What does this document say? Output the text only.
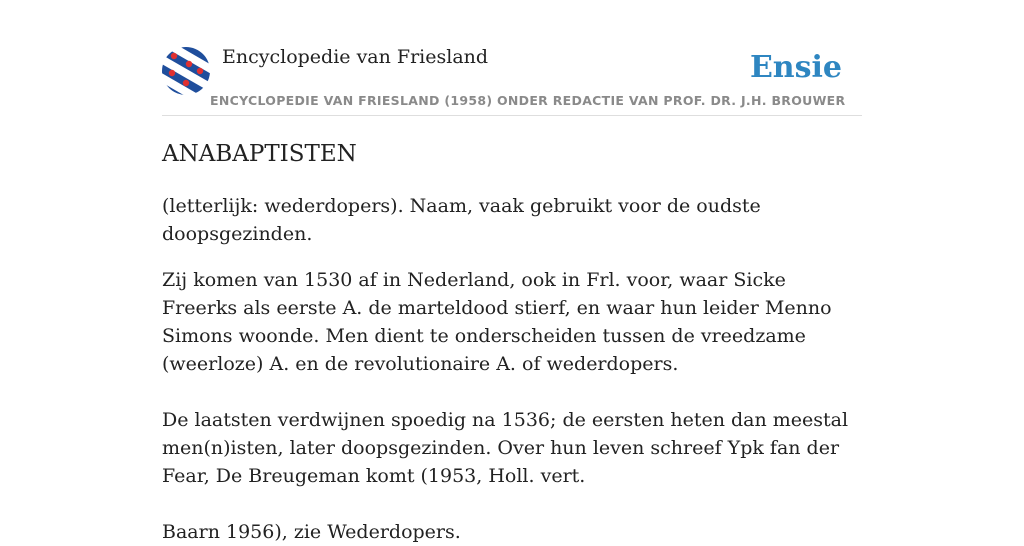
Encyclopedie van Friesland
ENCYCLOPEDIE VAN FRIESLAND (1958) ONDER REDACTIE VAN PROF. DR. J.H. BROUWER
Ensie
ANABAPTISTEN

(letterlijk: wederdopers). Naam, vaak gebruikt voor de oudste doopsgezinden.

Zij komen van 1530 af in Nederland, ook in Frl. voor, waar Sicke Freerks als eerste A. de marteldood stierf, en waar hun leider Menno Simons woonde. Men dient te onderscheiden tussen de vreedzame (weerloze) A. en de revolutionaire A. of wederdopers.

De laatsten verdwijnen spoedig na 1536; de eersten heten dan meestal men(n)isten, later doopsgezinden. Over hun leven schreef Ypk fan der Fear, De Breugeman komt (1953, Holl. vert.

Baarn 1956), zie Wederdopers.
